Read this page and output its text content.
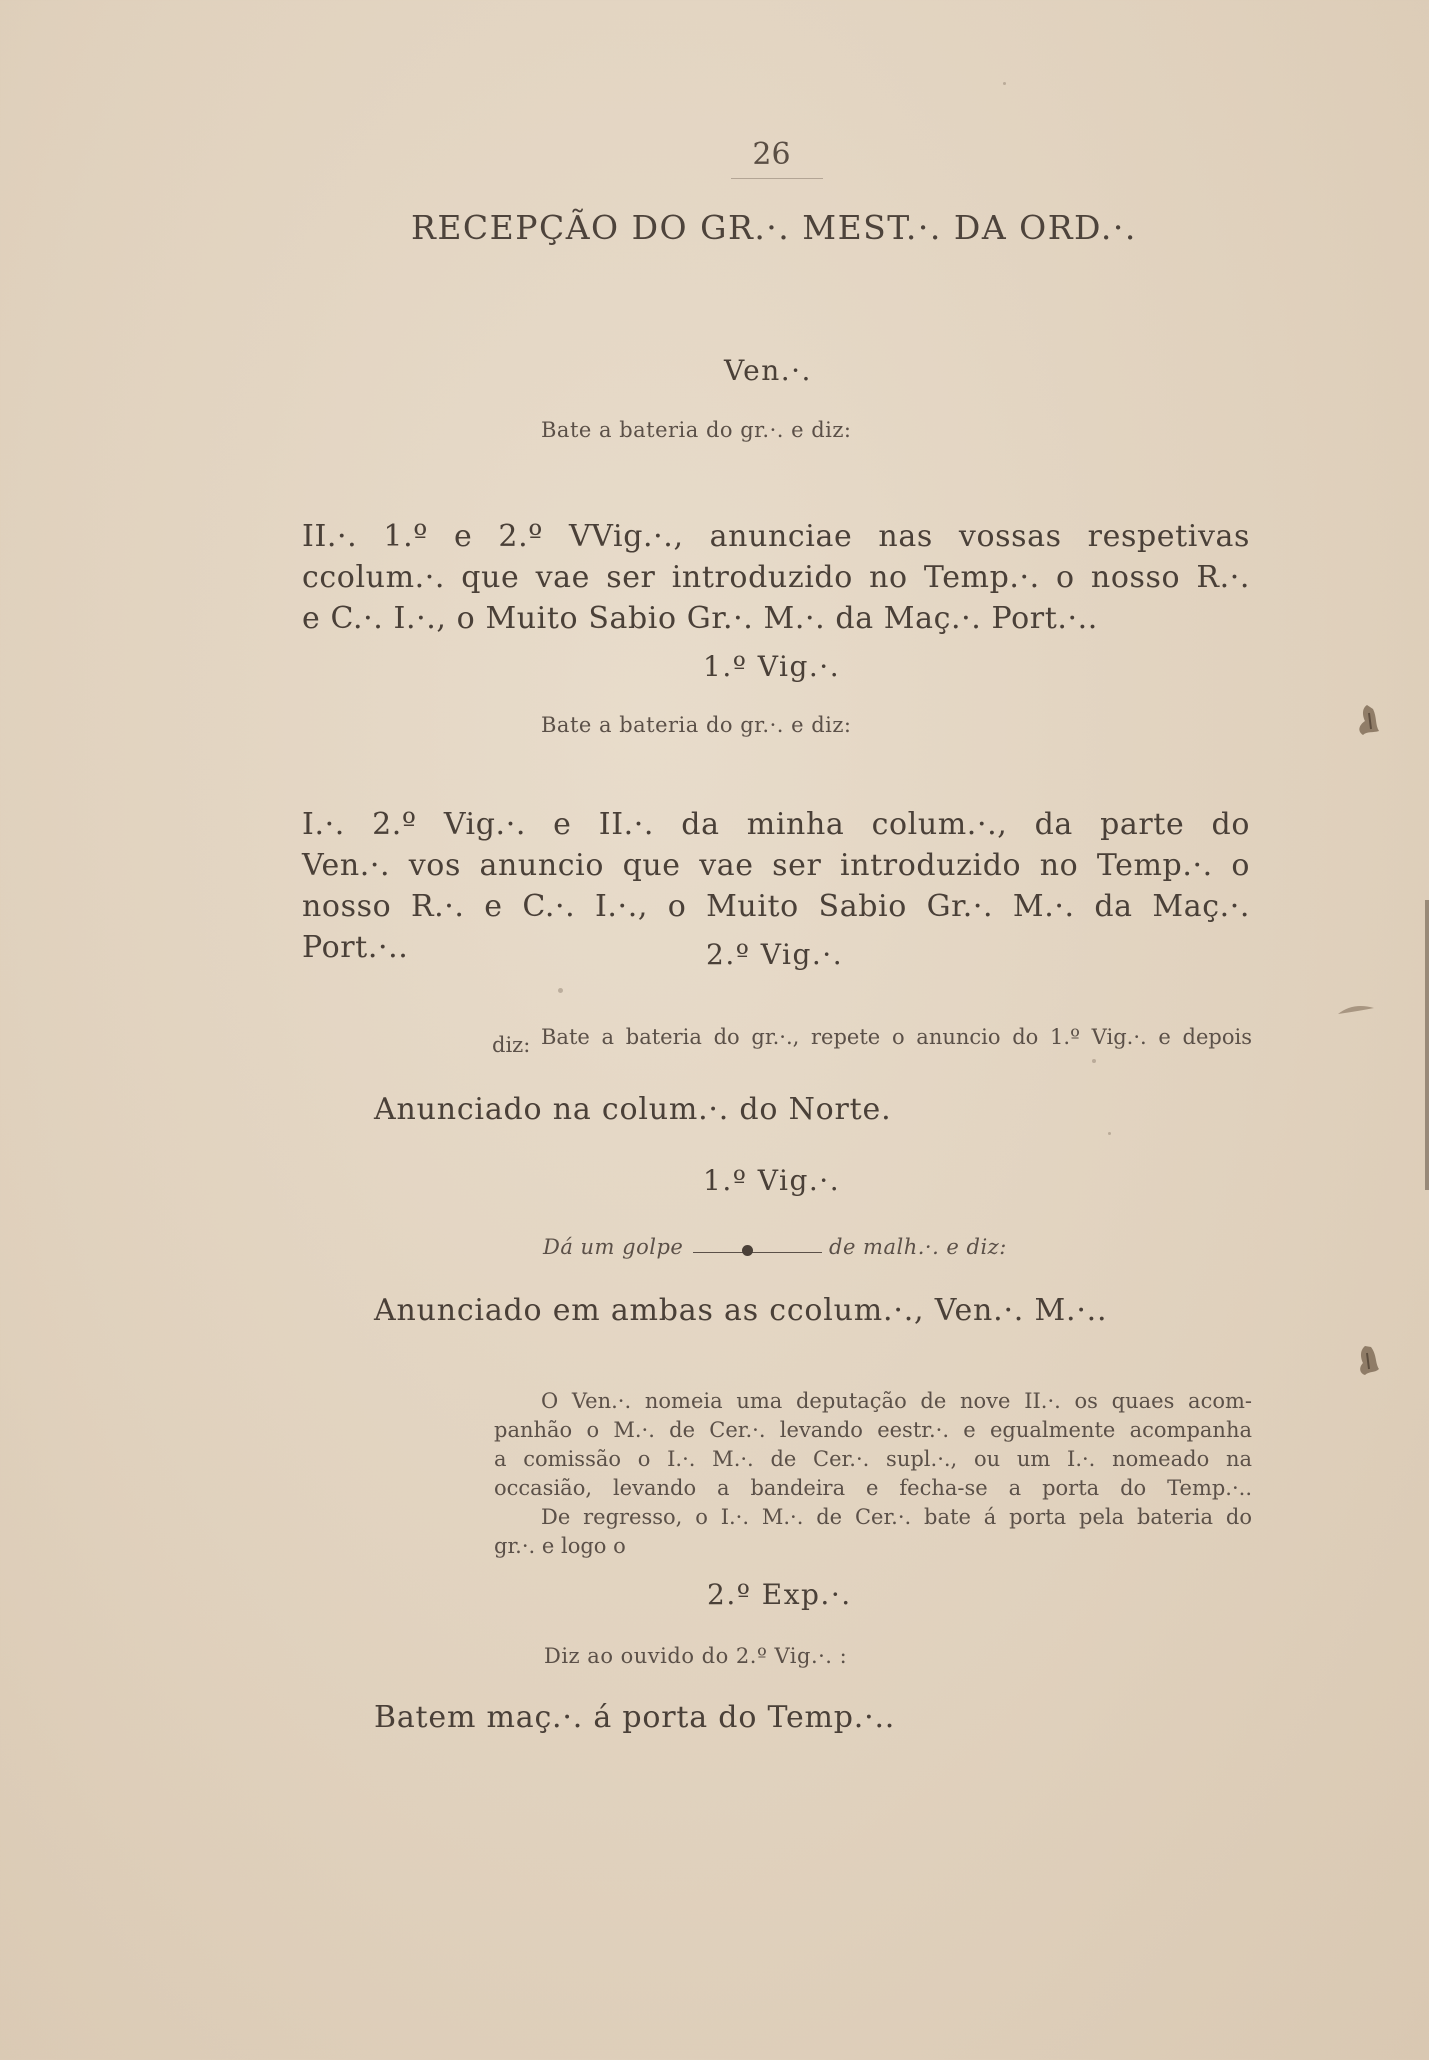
26

RECEPÇÃO DO GR.·. MEST.·. DA ORD.·.

Ven.·.

Bate a bateria do gr.·. e diz:

II.·. 1.º e 2.º VVig.·., anunciae nas vossas respetivas

ccolum.·. que vae ser introduzido no Temp.·. o nosso R.·.

e C.·. I.·., o Muito Sabio Gr.·. M.·. da Maç.·. Port.·..

1.º Vig.·.

Bate a bateria do gr.·. e diz:

I.·. 2.º Vig.·. e II.·. da minha colum.·., da parte do

Ven.·. vos anuncio que vae ser introduzido no Temp.·. o

nosso R.·. e C.·. I.·., o Muito Sabio Gr.·. M.·. da Maç.·.

Port.·..	2.º Vig.·.

Bate a bateria do gr.·., repete o anuncio do 1.º Vig.·. e depois

diz:

Anunciado na colum.·. do Norte.

1.º Vig.·.

Dá um golpe	de malh.·. e diz:

Anunciado em ambas as ccolum.·., Ven.·. M.·..

O Ven.·. nomeia uma deputação de nove II.·. os quaes acom-

panhão o M.·. de Cer.·. levando eestr.·. e egualmente acompanha

a comissão o I.·. M.·. de Cer.·. supl.·., ou um I.·. nomeado na

occasião, levando a bandeira e fecha-se a porta do Temp.·..

De regresso, o I.·. M.·. de Cer.·. bate á porta pela bateria do

gr.·. e logo o

2.º Exp.·.

Diz ao ouvido do 2.º Vig.·. :

Batem maç.·. á porta do Temp.·..
